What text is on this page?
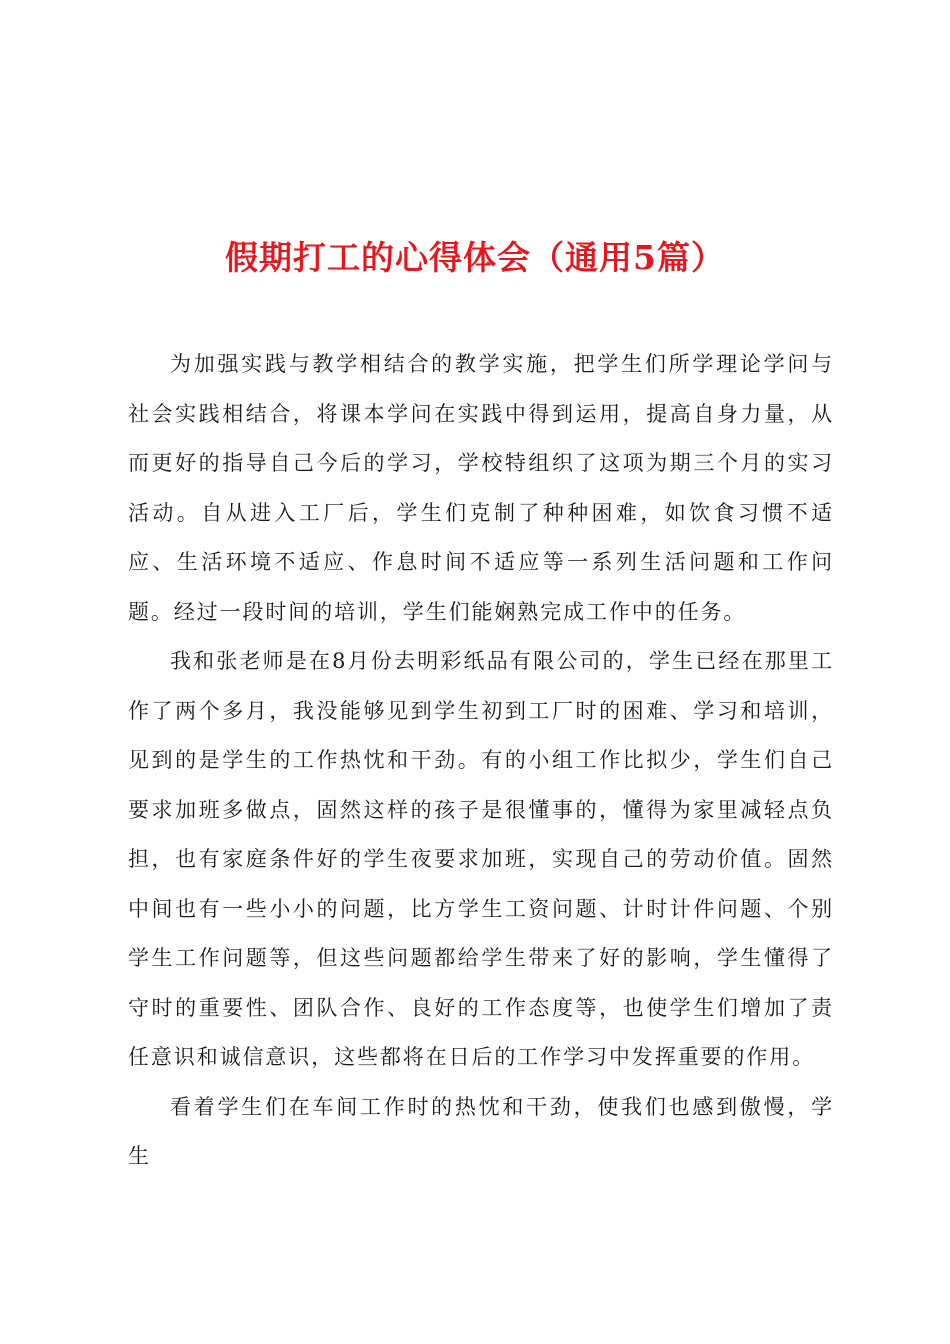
假期打工的心得体会（通用5篇）

为加强实践与教学相结合的教学实施，把学生们所学理论学问与社会实践相结合，将课本学问在实践中得到运用，提高自身力量，从而更好的指导自己今后的学习，学校特组织了这项为期三个月的实习活动。自从进入工厂后，学生们克制了种种困难，如饮食习惯不适应、生活环境不适应、作息时间不适应等一系列生活问题和工作问题。经过一段时间的培训，学生们能娴熟完成工作中的任务。

我和张老师是在8月份去明彩纸品有限公司的，学生已经在那里工作了两个多月，我没能够见到学生初到工厂时的困难、学习和培训，见到的是学生的工作热忱和干劲。有的小组工作比拟少，学生们自己要求加班多做点，固然这样的孩子是很懂事的，懂得为家里减轻点负担，也有家庭条件好的学生夜要求加班，实现自己的劳动价值。固然中间也有一些小小的问题，比方学生工资问题、计时计件问题、个别学生工作问题等，但这些问题都给学生带来了好的影响，学生懂得了守时的重要性、团队合作、良好的工作态度等，也使学生们增加了责任意识和诚信意识，这些都将在日后的工作学习中发挥重要的作用。

看着学生们在车间工作时的热忱和干劲，使我们也感到傲慢，学生
